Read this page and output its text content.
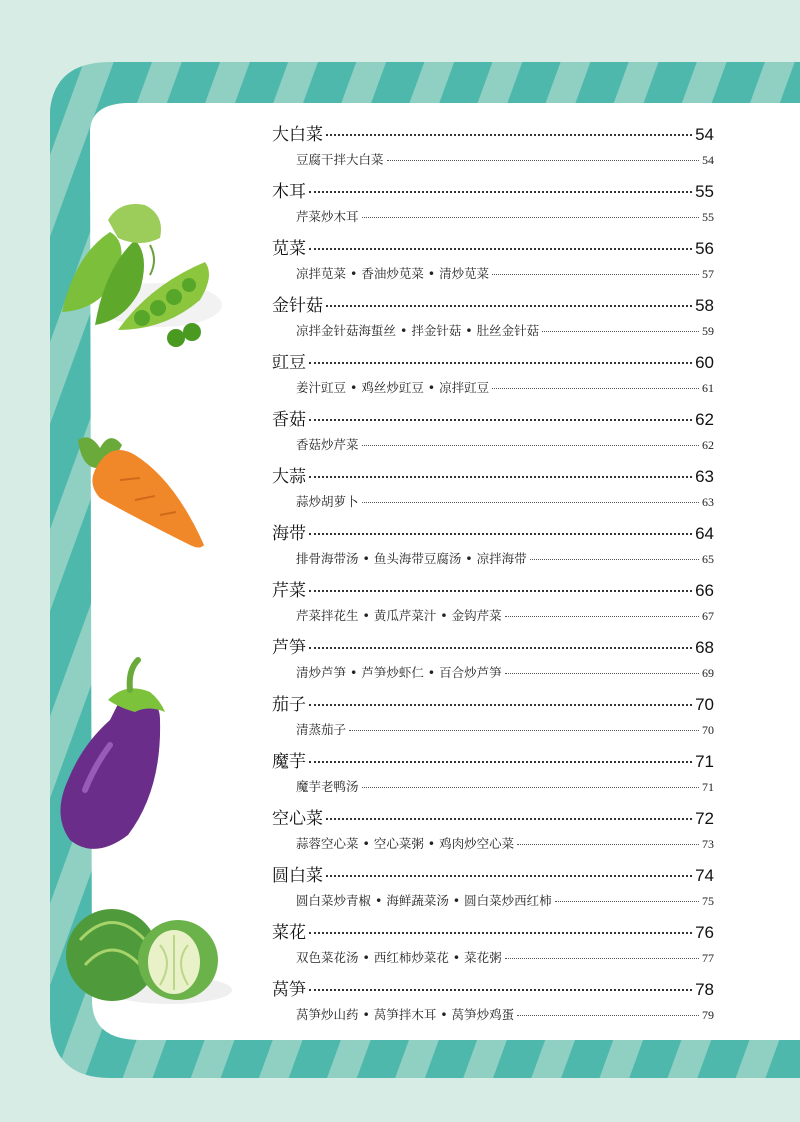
大白菜	54
豆腐干拌大白菜	54
木耳	55
芹菜炒木耳	55
苋菜	56
凉拌苋菜 • 香油炒苋菜 • 清炒苋菜	57
金针菇	58
凉拌金针菇海蜇丝 • 拌金针菇 • 肚丝金针菇	59
豇豆	60
姜汁豇豆 • 鸡丝炒豇豆 • 凉拌豇豆	61
香菇	62
香菇炒芹菜	62
大蒜	63
蒜炒胡萝卜	63
海带	64
排骨海带汤 • 鱼头海带豆腐汤 • 凉拌海带	65
芹菜	66
芹菜拌花生 • 黄瓜芹菜汁 • 金钩芹菜	67
芦笋	68
清炒芦笋 • 芦笋炒虾仁 • 百合炒芦笋	69
茄子	70
清蒸茄子	70
魔芋	71
魔芋老鸭汤	71
空心菜	72
蒜蓉空心菜 • 空心菜粥 • 鸡肉炒空心菜	73
圆白菜	74
圆白菜炒青椒 • 海鲜蔬菜汤 • 圆白菜炒西红柿	75
菜花	76
双色菜花汤 • 西红柿炒菜花 • 菜花粥	77
莴笋	78
莴笋炒山药 • 莴笋拌木耳 • 莴笋炒鸡蛋	79
